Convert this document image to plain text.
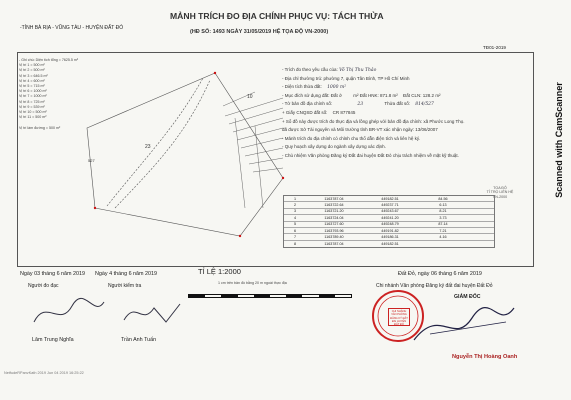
-TỈNH BÀ RỊA - VŨNG TÀU - HUYỆN ĐẤT ĐỎ
MẢNH TRÍCH ĐO ĐỊA CHÍNH PHỤC VỤ: TÁCH THỬA
(HĐ SỐ: 1493 NGÀY 31/05/2019 HỆ TỌA ĐỘ VN-2000)
TĐ01-2019
Scanned with CamScanner
- Ghi chú: Diện tích tổng = 7625.5 m²
Vị trí 1 = 500 m²
Vị trí 2 = 500 m²
Vị trí 3 = 646.5 m²
Vị trí 4 = 600 m²
Vị trí 5 = 715 m²
Vị trí 6 = 1000 m²
Vị trí 7 = 1000 m²
Vị trí 8 = 725 m²
Vị trí 9 = 539 m²
Vị trí 10 = 500 m²
Vị trí 11 = 500 m²
Vị trí làm đường = 500 m²
10
23
527
- Trích đo theo yêu cầu của: Võ Thị Thu Thảo
- Địa chỉ thường trú: phường 7, quận Tân Bình, TP Hồ Chí Minh
- Diện tích thửa đất: 1000 m²
- Mục đích sử dụng đất: Đất ở	m² Đất HNK: 871.8 m² Đất CLN: 128.2 m²
- Tờ bản đồ địa chính số:	23	Thửa đất số: 814/527
+ Giấy CNQSD đất số: CR 877845
+ Sổ đồ này được trích đo thực địa và lồng ghép với bản đồ địa chính: xã Phước Long Thọ.
đã được Sở Tài nguyên và Môi trường tỉnh BR-VT xác nhận ngày: 13/06/2007
- Mảnh trích đo địa chính có chỉnh chu thổ dẫn điện tích và liên hệ ký.
- Quy hoạch xây dựng do ngành xây dựng xác định.
- Chủ nhiệm Văn phòng Đăng ký Đất đai huyện Đất Đỏ chịu trách nhiệm về mặt kỹ thuật.
TỌA ĐỘ
TỈ TRỌ LIÊN HỆ
VN-2000
1	1163787.04	449182.51	84.56
2	1163722.64	449237.71	6.13
3	1163721.20	449243.67	8.21
4	1163724.04	449241.20	3.73
5	1163727.60	449248.79	87.14
6	1163793.96	449191.82	7.21
7	1163789.40	449186.31	4.16
8	1163787.04	449182.51
TỈ LỆ 1:2000
1 cm trên bản đồ bằng 20 m ngoài thực địa
Ngày 03 tháng 6 năm 2019
Người đo đạc
Ngày 4 tháng 6 năm 2019
Người kiểm tra
Đất Đỏ, ngày 06 tháng 6 năm 2019
Chi nhánh Văn phòng Đăng ký đất đai huyện Đất Đỏ
GIÁM ĐỐC
CHI NHÁNH VĂN PHÒNG ĐĂNG KÝ ĐẤT ĐAI HUYỆN ĐẤT ĐỎ
Lâm Trung Nghĩa	Trần Anh Tuấn
Nguyễn Thị Hoàng Oanh
NetfudeRPanvKath 2019 Jun 04 2019 16:25:22
